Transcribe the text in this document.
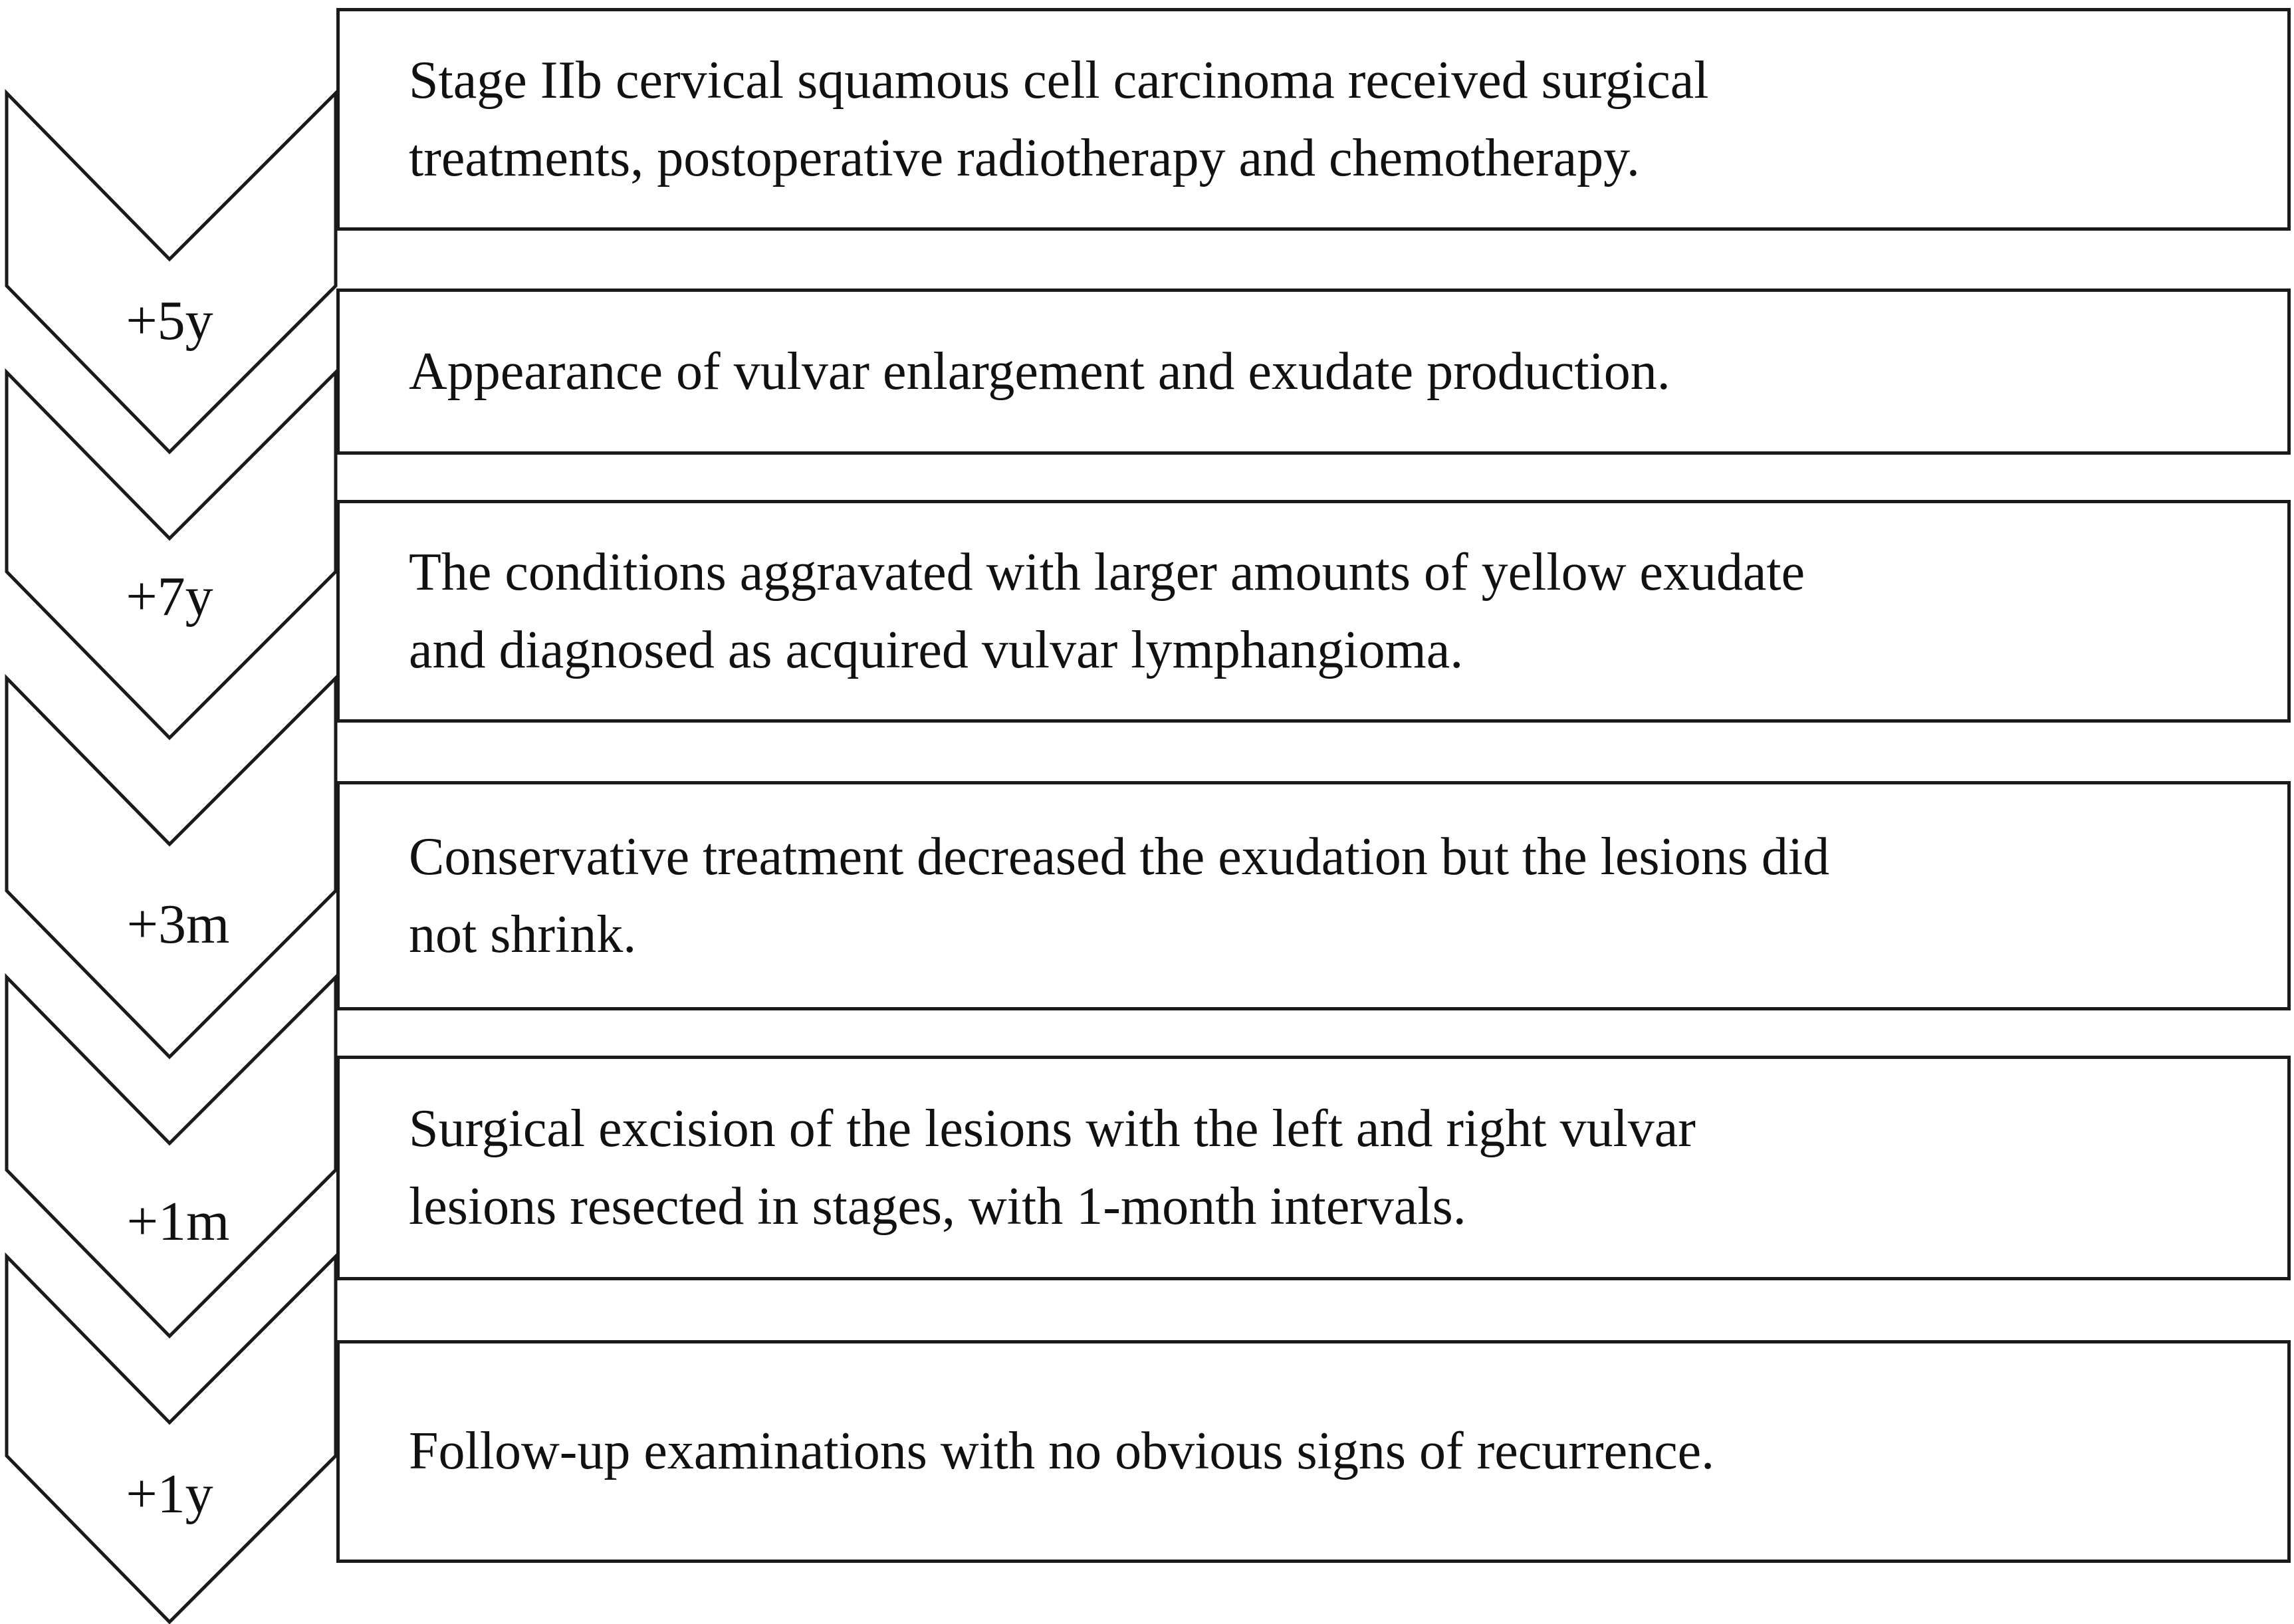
+5y
+7y
+3m
+1m
+1y
Stage IIb cervical squamous cell carcinoma received surgical
treatments, postoperative radiotherapy and chemotherapy.
Appearance of vulvar enlargement and exudate production.
The conditions aggravated with larger amounts of yellow exudate
and diagnosed as acquired vulvar lymphangioma.
Conservative treatment decreased the exudation but the lesions did
not shrink.
Surgical excision of the lesions with the left and right vulvar
lesions resected in stages, with 1-month intervals.
Follow-up examinations with no obvious signs of recurrence.
